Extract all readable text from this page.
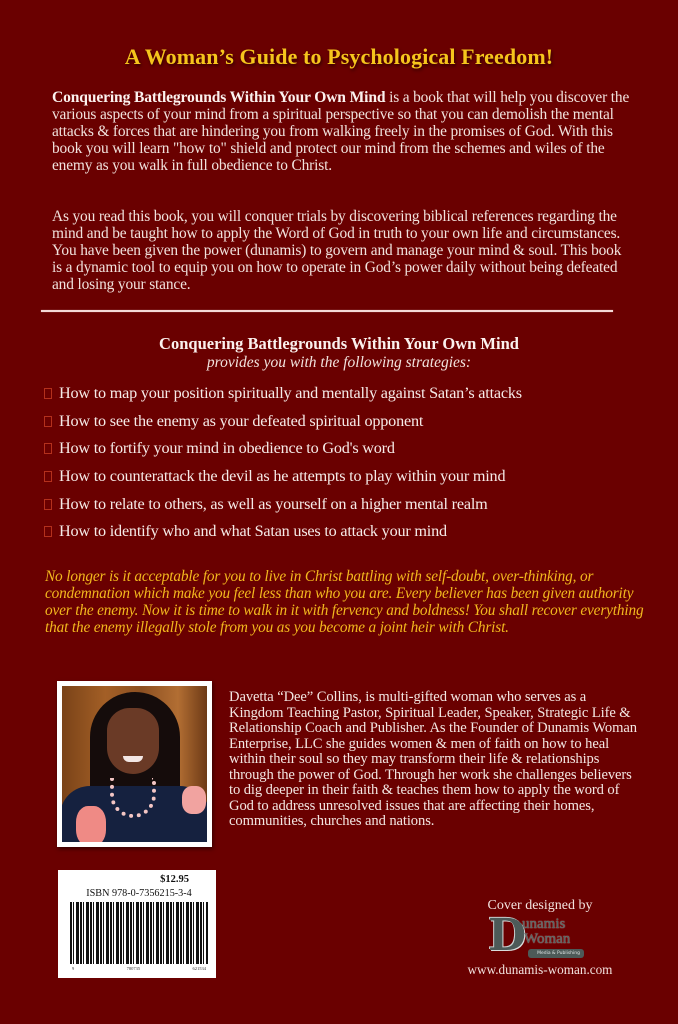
A Woman’s Guide to Psychological Freedom!
Conquering Battlegrounds Within Your Own Mind is a book that will help you discover the various aspects of your mind from a spiritual perspective so that you can demolish the mental attacks & forces that are hindering you from walking freely in the promises of God. With this book you will learn "how to" shield and protect our mind from the schemes and wiles of the enemy as you walk in full obedience to Christ.
As you read this book, you will conquer trials by discovering biblical references regarding the mind and be taught how to apply the Word of God in truth to your own life and circumstances. You have been given the power (dunamis) to govern and manage your mind & soul. This book is a dynamic tool to equip you on how to operate in God’s power daily without being defeated and losing your stance.
Conquering Battlegrounds Within Your Own Mind
provides you with the following strategies:
How to map your position spiritually and mentally against Satan’s attacks
How to see the enemy as your defeated spiritual opponent
How to fortify your mind in obedience to God's word
How to counterattack the devil as he attempts to play within your mind
How to relate to others, as well as yourself on a higher mental realm
How to identify who and what Satan uses to attack your mind
No longer is it acceptable for you to live in Christ battling with self-doubt, over-thinking, or condemnation which make you feel less than who you are. Every believer has been given authority over the enemy. Now it is time to walk in it with fervency and boldness! You shall recover everything that the enemy illegally stole from you as you become a joint heir with Christ.
Davetta “Dee” Collins, is multi-gifted woman who serves as a Kingdom Teaching Pastor, Spiritual Leader, Speaker, Strategic Life & Relationship Coach and Publisher. As the Founder of Dunamis Woman Enterprise, LLC she guides women & men of faith on how to heal within their soul so they may transform their life & relationships through the power of God. Through her work she challenges believers to dig deeper in their faith & teaches them how to apply the word of God to address unresolved issues that are affecting their homes, communities, churches and nations.
$12.95
ISBN 978-0-7356215-3-4
9	780735	621534
Cover designed by
D
unamis
Woman
Media & Publishing
www.dunamis-woman.com
